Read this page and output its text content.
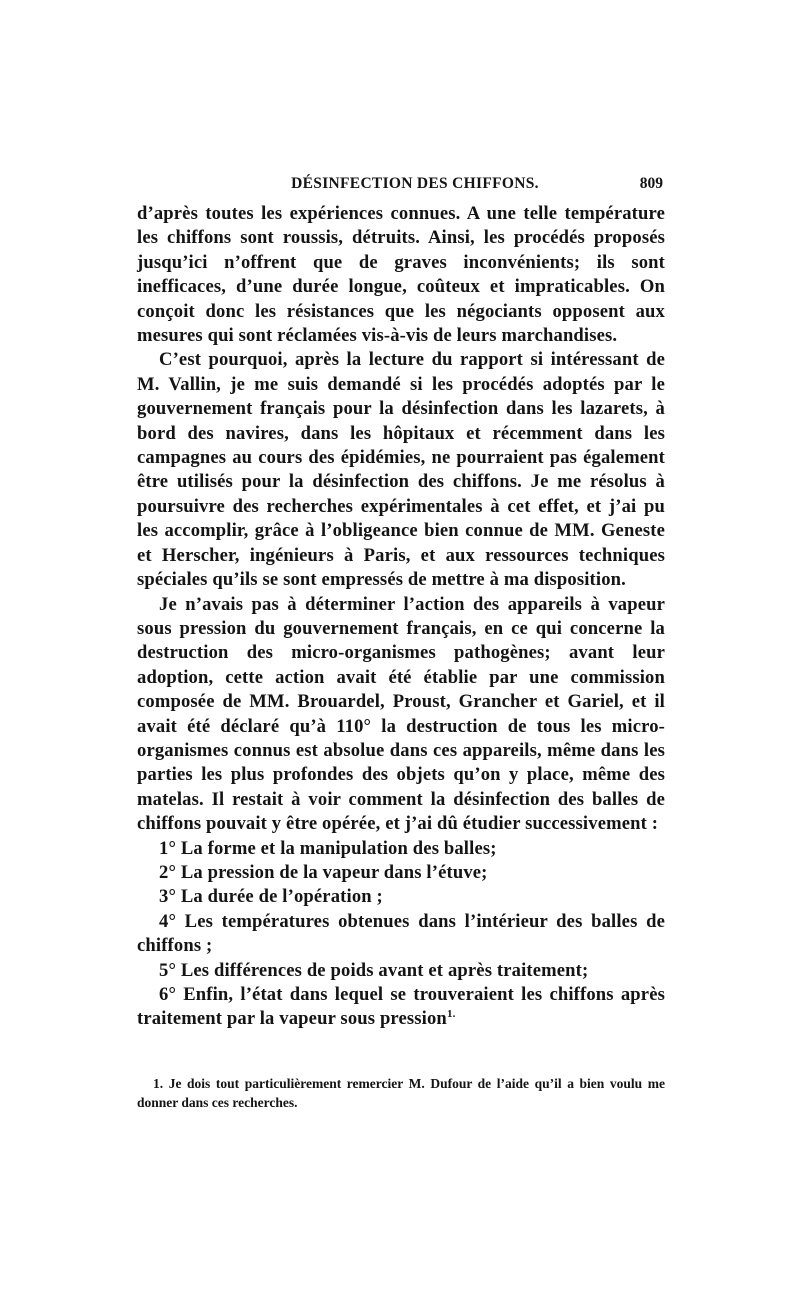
DÉSINFECTION DES CHIFFONS.	809

d’après toutes les expériences connues. A une telle température les chiffons sont roussis, détruits. Ainsi, les procédés proposés jusqu’ici n’offrent que de graves inconvénients; ils sont inefficaces, d’une durée longue, coûteux et impraticables. On conçoit donc les résistances que les négociants opposent aux mesures qui sont réclamées vis-à-vis de leurs marchandises.

C’est pourquoi, après la lecture du rapport si intéressant de M. Vallin, je me suis demandé si les procédés adoptés par le gouvernement français pour la désinfection dans les lazarets, à bord des navires, dans les hôpitaux et récemment dans les campagnes au cours des épidémies, ne pourraient pas également être utilisés pour la désinfection des chiffons. Je me résolus à poursuivre des recherches expérimentales à cet effet, et j’ai pu les accomplir, grâce à l’obligeance bien connue de MM. Geneste et Herscher, ingénieurs à Paris, et aux ressources techniques spéciales qu’ils se sont empressés de mettre à ma disposition.

Je n’avais pas à déterminer l’action des appareils à vapeur sous pression du gouvernement français, en ce qui concerne la destruction des micro-organismes pathogènes; avant leur adoption, cette action avait été établie par une commission composée de MM. Brouardel, Proust, Grancher et Gariel, et il avait été déclaré qu’à 110° la destruction de tous les micro-organismes connus est absolue dans ces appareils, même dans les parties les plus profondes des objets qu’on y place, même des matelas. Il restait à voir comment la désinfection des balles de chiffons pouvait y être opérée, et j’ai dû étudier successivement :

1° La forme et la manipulation des balles;

2° La pression de la vapeur dans l’étuve;

3° La durée de l’opération ;

4° Les températures obtenues dans l’intérieur des balles de chiffons ;

5° Les différences de poids avant et après traitement;

6° Enfin, l’état dans lequel se trouveraient les chiffons après traitement par la vapeur sous pression$^{1.}$

1. Je dois tout particulièrement remercier M. Dufour de l’aide qu’il a bien voulu me donner dans ces recherches.
